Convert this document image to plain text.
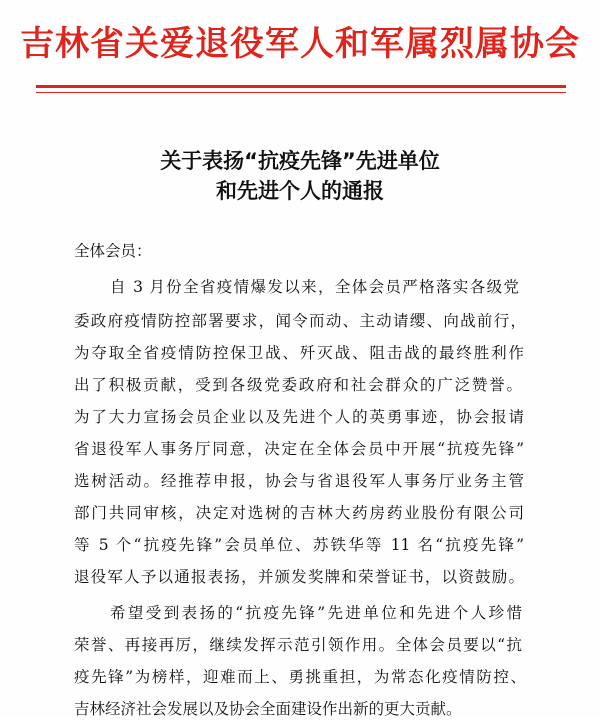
吉林省关爱退役军人和军属烈属协会
关于表扬“抗疫先锋”先进单位
和先进个人的通报
全体会员：
自 3 月份全省疫情爆发以来，全体会员严格落实各级党
委政府疫情防控部署要求，闻令而动、主动请缨、向战前行，
为夺取全省疫情防控保卫战、歼灭战、阻击战的最终胜利作
出了积极贡献，受到各级党委政府和社会群众的广泛赞誉。
为了大力宣扬会员企业以及先进个人的英勇事迹，协会报请
省退役军人事务厅同意，决定在全体会员中开展“抗疫先锋”
选树活动。经推荐申报，协会与省退役军人事务厅业务主管
部门共同审核，决定对选树的吉林大药房药业股份有限公司
等 5 个“抗疫先锋”会员单位、苏铁华等 11 名“抗疫先锋”
退役军人予以通报表扬，并颁发奖牌和荣誉证书，以资鼓励。
希望受到表扬的“抗疫先锋”先进单位和先进个人珍惜
荣誉、再接再厉，继续发挥示范引领作用。全体会员要以“抗
疫先锋”为榜样，迎难而上、勇挑重担，为常态化疫情防控、
吉林经济社会发展以及协会全面建设作出新的更大贡献。
